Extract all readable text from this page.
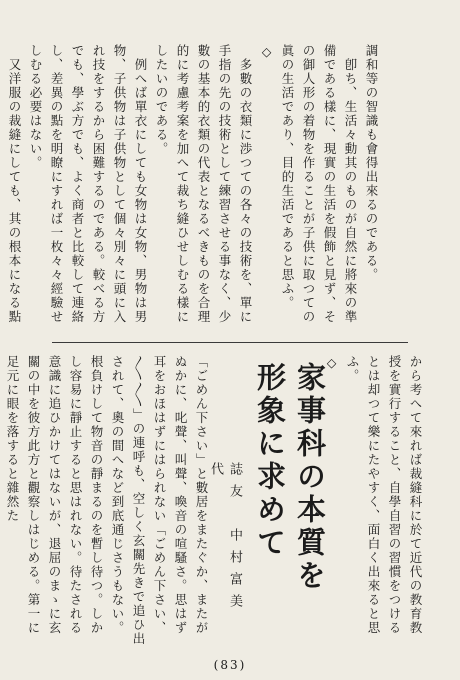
調和等の智識も會得出來るのである。
　卽ち、生活々動其のものが自然に將來の準備である樣に、現實の生活を假飾と見ず、その御人形の着物を作ることが子供に取つての眞の生活であり、目的生活であると思ふ。
◇
　多數の衣類に渉つての各々の技術を、單に手指の先の技術として練習させる事なく、少數の基本的衣類の代表となるべきものを合理的に考慮考案を加へて裁ち縫ひせしむる樣にしたいのである。
　例へば單衣にしても女物は女物、男物は男物、子供物は子供物として個々別々に頭に入れ技をするから困難するのである。較べる方でも、學ぶ方でも、よく商者と比較して連絡し、差異の點を明瞭にすれば一枚々々經驗せしむる必要はない。
　又洋服の裁縫にしても、其の根本になる點

から考へて來れば裁縫科に於て近代の教育教授を實行すること、自學自習の習慣をつけるとは却つて樂にたやすく、面白く出來ると思ふ。
◇
家事科の本質を
形象に求めて
誌友　中村富美代
「ごめん下さい」と數居をまたぐか、またがぬかに、叱聲、叫聲、喚音の喧騷さ。思はず耳をおほはずにはられない「ごめん下さい、〱〱」の連呼も、空しく玄關先きで追ひ出されて、奧の間へなど到底通じさうもない。根負けして物音の靜まるのを暫し待つ。しかし容易に靜止すると思はれない。待たされる意識に追ひかけてはないが、退屈のまゝに玄關の中を彼方此方と觀察しはじめる。第一に足元に眼を落すると雜然た
(83)
